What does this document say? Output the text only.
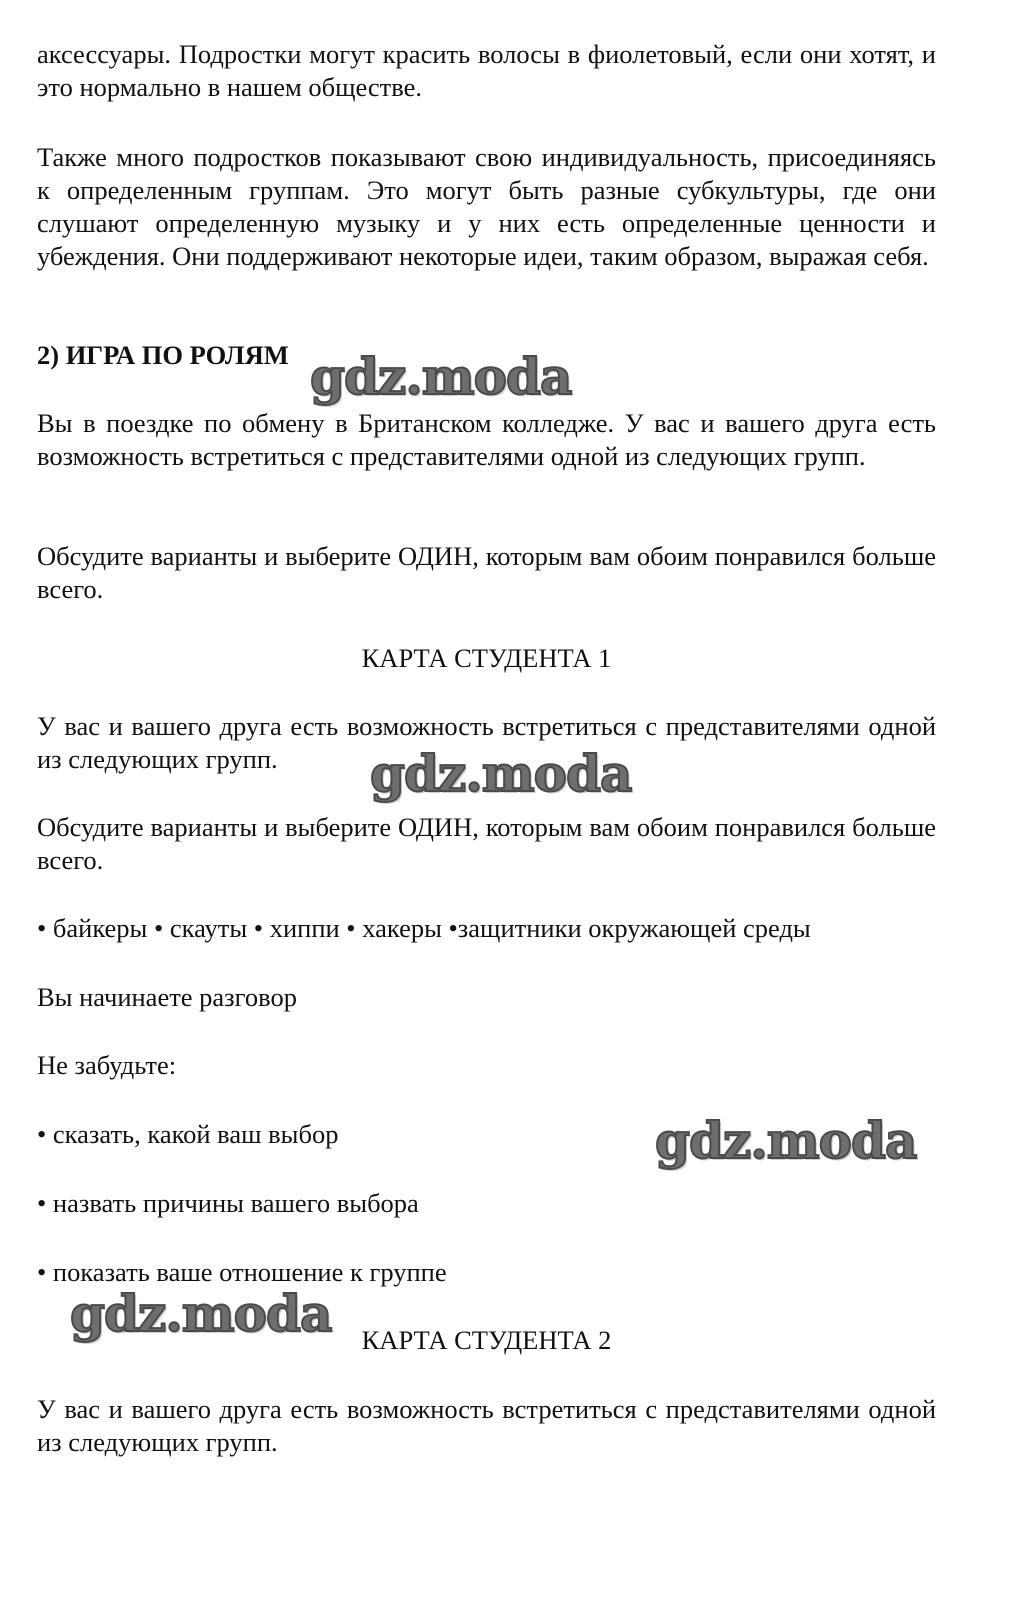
аксессуары. Подростки могут красить волосы в фиолетовый, если они хотят, и это нормально в нашем обществе.

Также много подростков показывают свою индивидуальность, присоединяясь к определенным группам. Это могут быть разные субкультуры, где они слушают определенную музыку и у них есть определенные ценности и убеждения. Они поддерживают некоторые идеи, таким образом, выражая себя.

2) ИГРА ПО РОЛЯМ

Вы в поездке по обмену в Британском колледже. У вас и вашего друга есть возможность встретиться с представителями одной из следующих групп.

Обсудите варианты и выберите ОДИН, которым вам обоим понравился больше всего.

КАРТА СТУДЕНТА 1

У вас и вашего друга есть возможность встретиться с представителями одной из следующих групп.

Обсудите варианты и выберите ОДИН, которым вам обоим понравился больше всего.

• байкеры • скауты • хиппи • хакеры •защитники окружающей среды

Вы начинаете разговор

Не забудьте:

• сказать, какой ваш выбор

• назвать причины вашего выбора

• показать ваше отношение к группе

КАРТА СТУДЕНТА 2

У вас и вашего друга есть возможность встретиться с представителями одной из следующих групп.

gdz.moda
gdz.moda
gdz.moda
gdz.moda
